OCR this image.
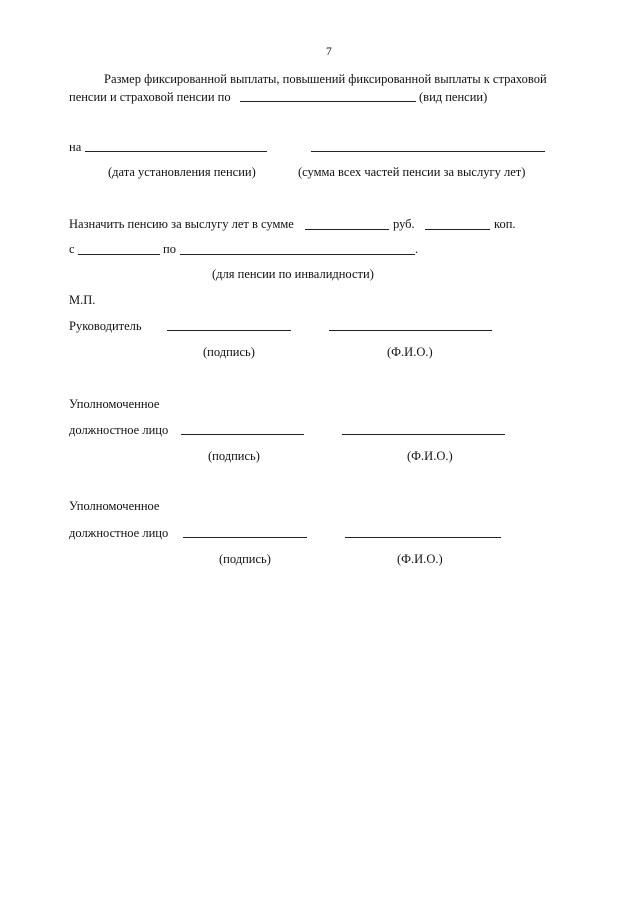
7
Размер фиксированной выплаты, повышений фиксированной выплаты к страховой
пенсии и страховой пенсии по	(вид пенсии)
на
(дата установления пенсии)	(сумма всех частей пенсии за выслугу лет)
Назначить пенсию за выслугу лет в сумме	руб.	коп.
с	по	.
(для пенсии по инвалидности)
М.П.
Руководитель
(подпись)	(Ф.И.О.)
Уполномоченное
должностное лицо
(подпись)	(Ф.И.О.)
Уполномоченное
должностное лицо
(подпись)	(Ф.И.О.)
